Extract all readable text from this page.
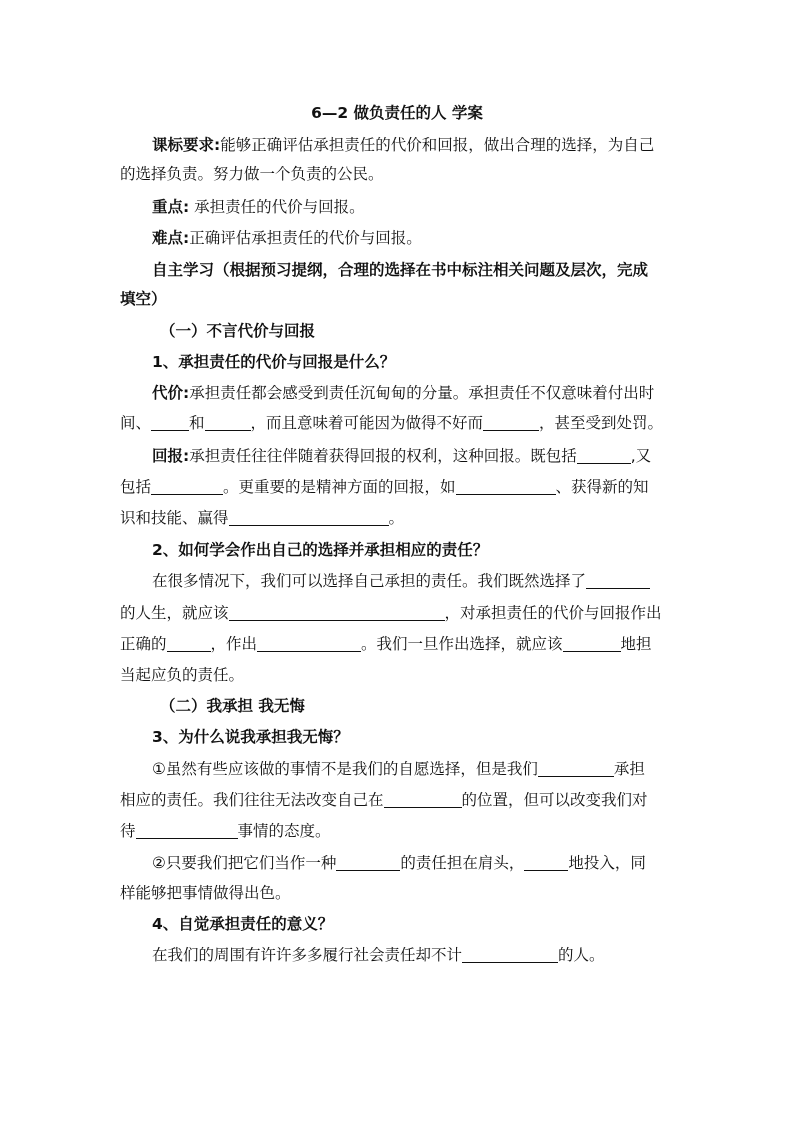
6—2 做负责任的人 学案
课标要求:能够正确评估承担责任的代价和回报，做出合理的选择，为自己
的选择负责。努力做一个负责的公民。
重点: 承担责任的代价与回报。
难点:正确评估承担责任的代价与回报。
自主学习（根据预习提纲，合理的选择在书中标注相关问题及层次，完成
填空）
（一）不言代价与回报
1、承担责任的代价与回报是什么？
代价:承担责任都会感受到责任沉甸甸的分量。承担责任不仅意味着付出时
间、 和	，而且意味着可能因为做得不好而	，甚至受到处罚。
回报:承担责任往往伴随着获得回报的权利，这种回报。既包括	,又
包括	。更重要的是精神方面的回报，如	、获得新的知
识和技能、赢得	。
2、如何学会作出自己的选择并承担相应的责任？
在很多情况下，我们可以选择自己承担的责任。我们既然选择了
的人生，就应该	，对承担责任的代价与回报作出
正确的	，作出	。我们一旦作出选择，就应该	地担
当起应负的责任。
（二）我承担 我无悔
3、为什么说我承担我无悔？
①虽然有些应该做的事情不是我们的自愿选择，但是我们	承担
相应的责任。我们往往无法改变自己在	的位置，但可以改变我们对
待	事情的态度。
②只要我们把它们当作一种	的责任担在肩头，	地投入，同
样能够把事情做得出色。
4、自觉承担责任的意义？
在我们的周围有许许多多履行社会责任却不计	的人。
